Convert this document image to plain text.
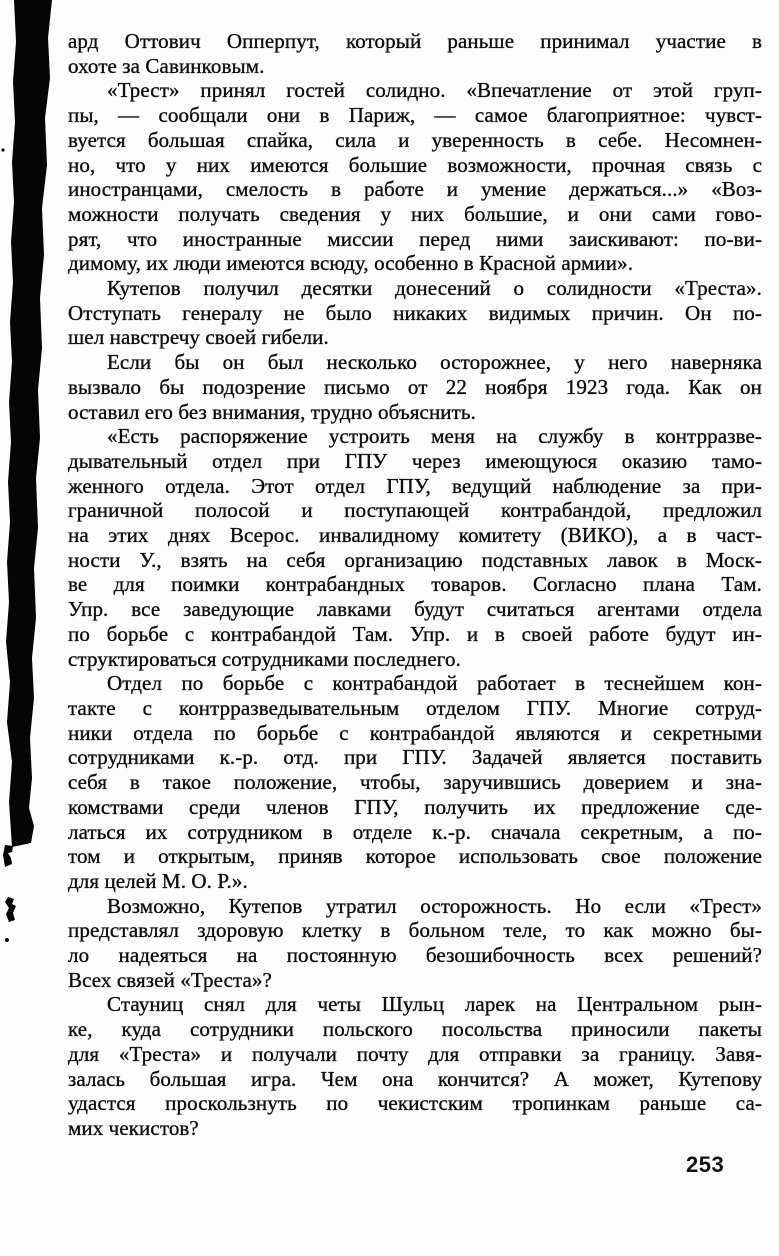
ард Оттович Опперпут, который раньше принимал участие в
охоте за Савинковым.
«Трест» принял гостей солидно. «Впечатление от этой груп-
пы, — сообщали они в Париж, — самое благоприятное: чувст-
вуется большая спайка, сила и уверенность в себе. Несомнен-
но, что у них имеются большие возможности, прочная связь с
иностранцами, смелость в работе и умение держаться...» «Воз-
можности получать сведения у них большие, и они сами гово-
рят, что иностранные миссии перед ними заискивают: по-ви-
димому, их люди имеются всюду, особенно в Красной армии».
Кутепов получил десятки донесений о солидности «Треста».
Отступать генералу не было никаких видимых причин. Он по-
шел навстречу своей гибели.
Если бы он был несколько осторожнее, у него наверняка
вызвало бы подозрение письмо от 22 ноября 1923 года. Как он
оставил его без внимания, трудно объяснить.
«Есть распоряжение устроить меня на службу в контрразве-
дывательный отдел при ГПУ через имеющуюся оказию тамо-
женного отдела. Этот отдел ГПУ, ведущий наблюдение за при-
граничной полосой и поступающей контрабандой, предложил
на этих днях Всерос. инвалидному комитету (ВИКО), а в част-
ности У., взять на себя организацию подставных лавок в Моск-
ве для поимки контрабандных товаров. Согласно плана Там.
Упр. все заведующие лавками будут считаться агентами отдела
по борьбе с контрабандой Там. Упр. и в своей работе будут ин-
структироваться сотрудниками последнего.
Отдел по борьбе с контрабандой работает в теснейшем кон-
такте с контрразведывательным отделом ГПУ. Многие сотруд-
ники отдела по борьбе с контрабандой являются и секретными
сотрудниками к.-р. отд. при ГПУ. Задачей является поставить
себя в такое положение, чтобы, заручившись доверием и зна-
комствами среди членов ГПУ, получить их предложение сде-
латься их сотрудником в отделе к.-р. сначала секретным, а по-
том и открытым, приняв которое использовать свое положение
для целей М. О. Р.».
Возможно, Кутепов утратил осторожность. Но если «Трест»
представлял здоровую клетку в больном теле, то как можно бы-
ло надеяться на постоянную безошибочность всех решений?
Всех связей «Треста»?
Стауниц снял для четы Шульц ларек на Центральном рын-
ке, куда сотрудники польского посольства приносили пакеты
для «Треста» и получали почту для отправки за границу. Завя-
залась большая игра. Чем она кончится? А может, Кутепову
удастся проскользнуть по чекистским тропинкам раньше са-
мих чекистов?
253
